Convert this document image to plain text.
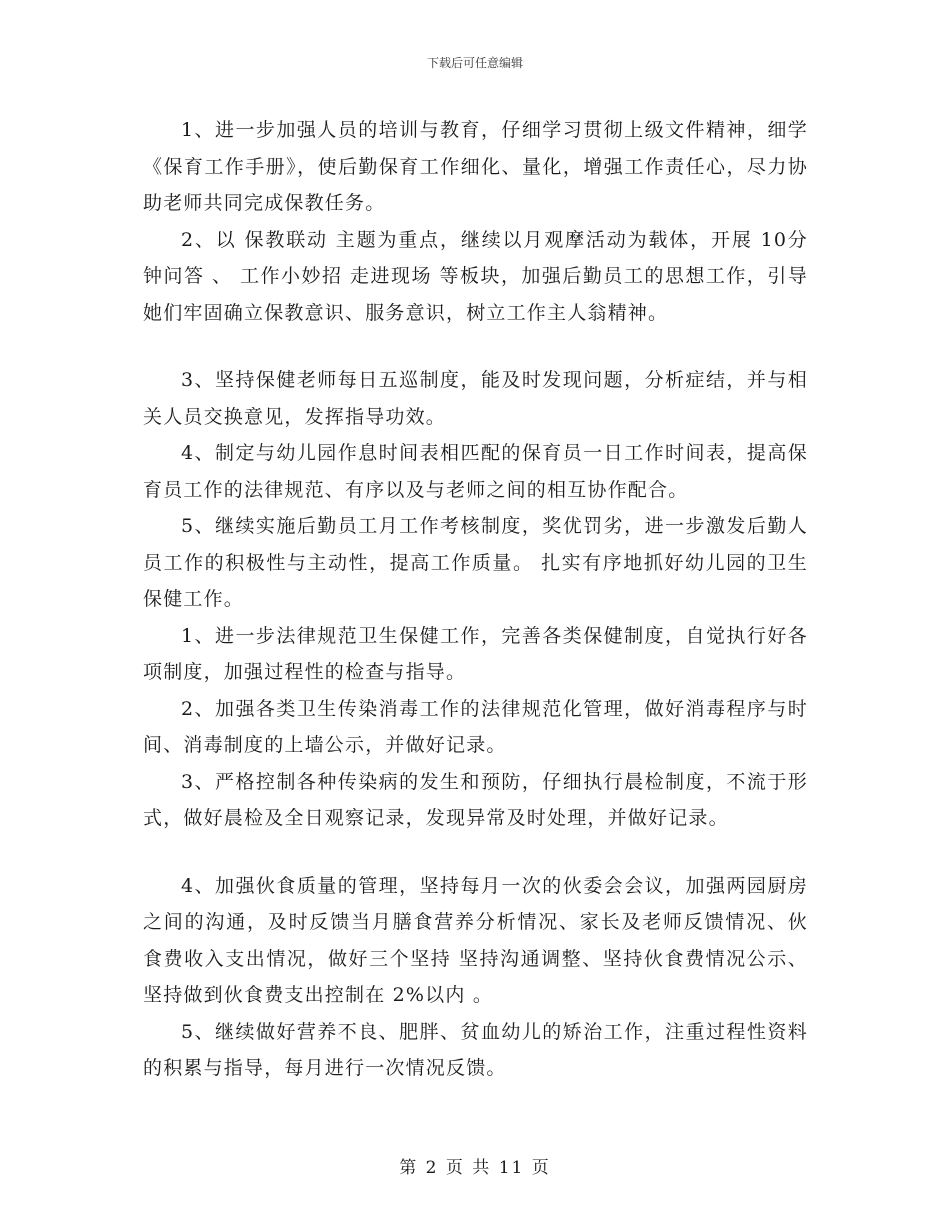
下载后可任意编辑

1、进一步加强人员的培训与教育，仔细学习贯彻上级文件精神，细学《保育工作手册》，使后勤保育工作细化、量化，增强工作责任心，尽力协助老师共同完成保教任务。

2、以 保教联动 主题为重点，继续以月观摩活动为载体，开展 10分钟问答 、 工作小妙招 走进现场 等板块，加强后勤员工的思想工作，引导她们牢固确立保教意识、服务意识，树立工作主人翁精神。

3、坚持保健老师每日五巡制度，能及时发现问题，分析症结，并与相关人员交换意见，发挥指导功效。

4、制定与幼儿园作息时间表相匹配的保育员一日工作时间表，提高保育员工作的法律规范、有序以及与老师之间的相互协作配合。

5、继续实施后勤员工月工作考核制度，奖优罚劣，进一步激发后勤人员工作的积极性与主动性，提高工作质量。 扎实有序地抓好幼儿园的卫生保健工作。

1、进一步法律规范卫生保健工作，完善各类保健制度，自觉执行好各项制度，加强过程性的检查与指导。

2、加强各类卫生传染消毒工作的法律规范化管理，做好消毒程序与时间、消毒制度的上墙公示，并做好记录。

3、严格控制各种传染病的发生和预防，仔细执行晨检制度，不流于形式，做好晨检及全日观察记录，发现异常及时处理，并做好记录。

4、加强伙食质量的管理，坚持每月一次的伙委会会议，加强两园厨房之间的沟通，及时反馈当月膳食营养分析情况、家长及老师反馈情况、伙食费收入支出情况，做好三个坚持 坚持沟通调整、坚持伙食费情况公示、坚持做到伙食费支出控制在 2%以内 。

5、继续做好营养不良、肥胖、贫血幼儿的矫治工作，注重过程性资料的积累与指导，每月进行一次情况反馈。

第 2 页 共 11 页
